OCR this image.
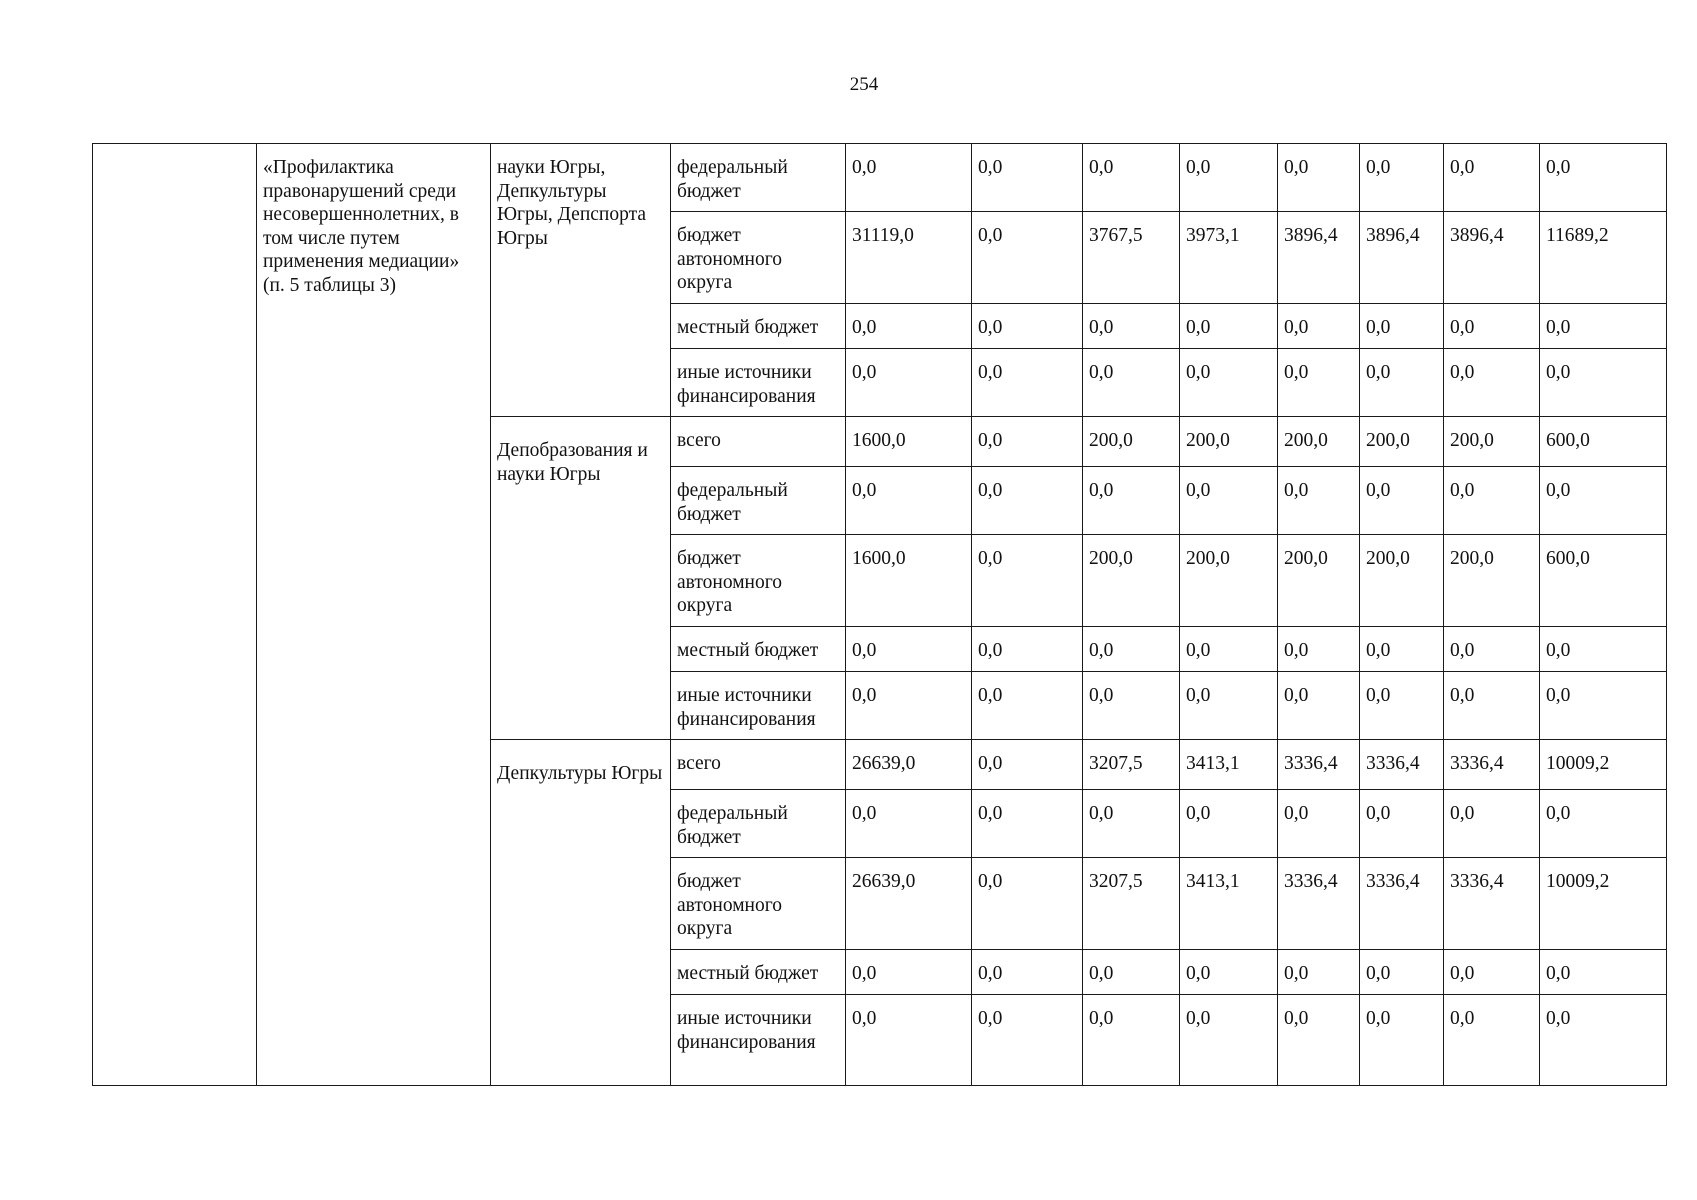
254
	«Профилактика правонарушений среди несовершеннолетних, в том числе путем применения медиации» (п. 5 таблицы 3)	науки Югры, Депкультуры Югры, Депспорта Югры	федеральный бюджет	0,0	0,0	0,0	0,0	0,0	0,0	0,0	0,0
			бюджет автономного округа	31119,0	0,0	3767,5	3973,1	3896,4	3896,4	3896,4	11689,2
			местный бюджет	0,0	0,0	0,0	0,0	0,0	0,0	0,0	0,0
			иные источники финансирования	0,0	0,0	0,0	0,0	0,0	0,0	0,0	0,0
		Депобразования и науки Югры	всего	1600,0	0,0	200,0	200,0	200,0	200,0	200,0	600,0
			федеральный бюджет	0,0	0,0	0,0	0,0	0,0	0,0	0,0	0,0
			бюджет автономного округа	1600,0	0,0	200,0	200,0	200,0	200,0	200,0	600,0
			местный бюджет	0,0	0,0	0,0	0,0	0,0	0,0	0,0	0,0
			иные источники финансирования	0,0	0,0	0,0	0,0	0,0	0,0	0,0	0,0
		Депкультуры Югры	всего	26639,0	0,0	3207,5	3413,1	3336,4	3336,4	3336,4	10009,2
			федеральный бюджет	0,0	0,0	0,0	0,0	0,0	0,0	0,0	0,0
			бюджет автономного округа	26639,0	0,0	3207,5	3413,1	3336,4	3336,4	3336,4	10009,2
			местный бюджет	0,0	0,0	0,0	0,0	0,0	0,0	0,0	0,0
			иные источники финансирования	0,0	0,0	0,0	0,0	0,0	0,0	0,0	0,0
